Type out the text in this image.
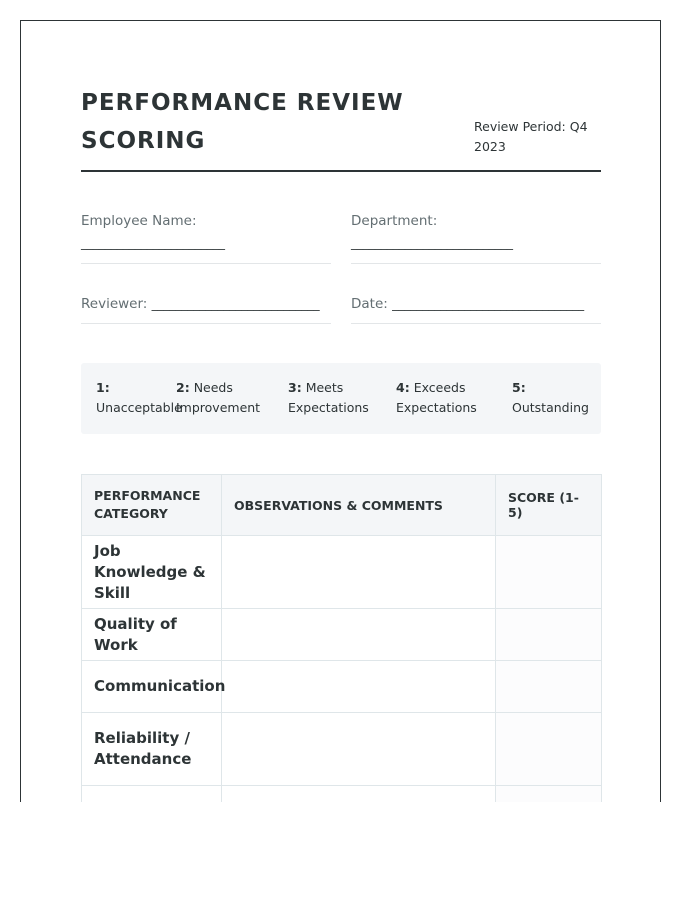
PERFORMANCE REVIEW SCORING
Review Period: Q4 2023
Employee Name:
________________________
Department:
___________________________
Reviewer: ____________________________	Date: ________________________________
1:
Unacceptable
2: Needs
Improvement
3: Meets
Expectations
4: Exceeds
Expectations
5:
Outstanding
PERFORMANCE CATEGORY	OBSERVATIONS & COMMENTS	SCORE (1-5)
Job Knowledge & Skill		
Quality of Work		
Communication		
Reliability / Attendance		
